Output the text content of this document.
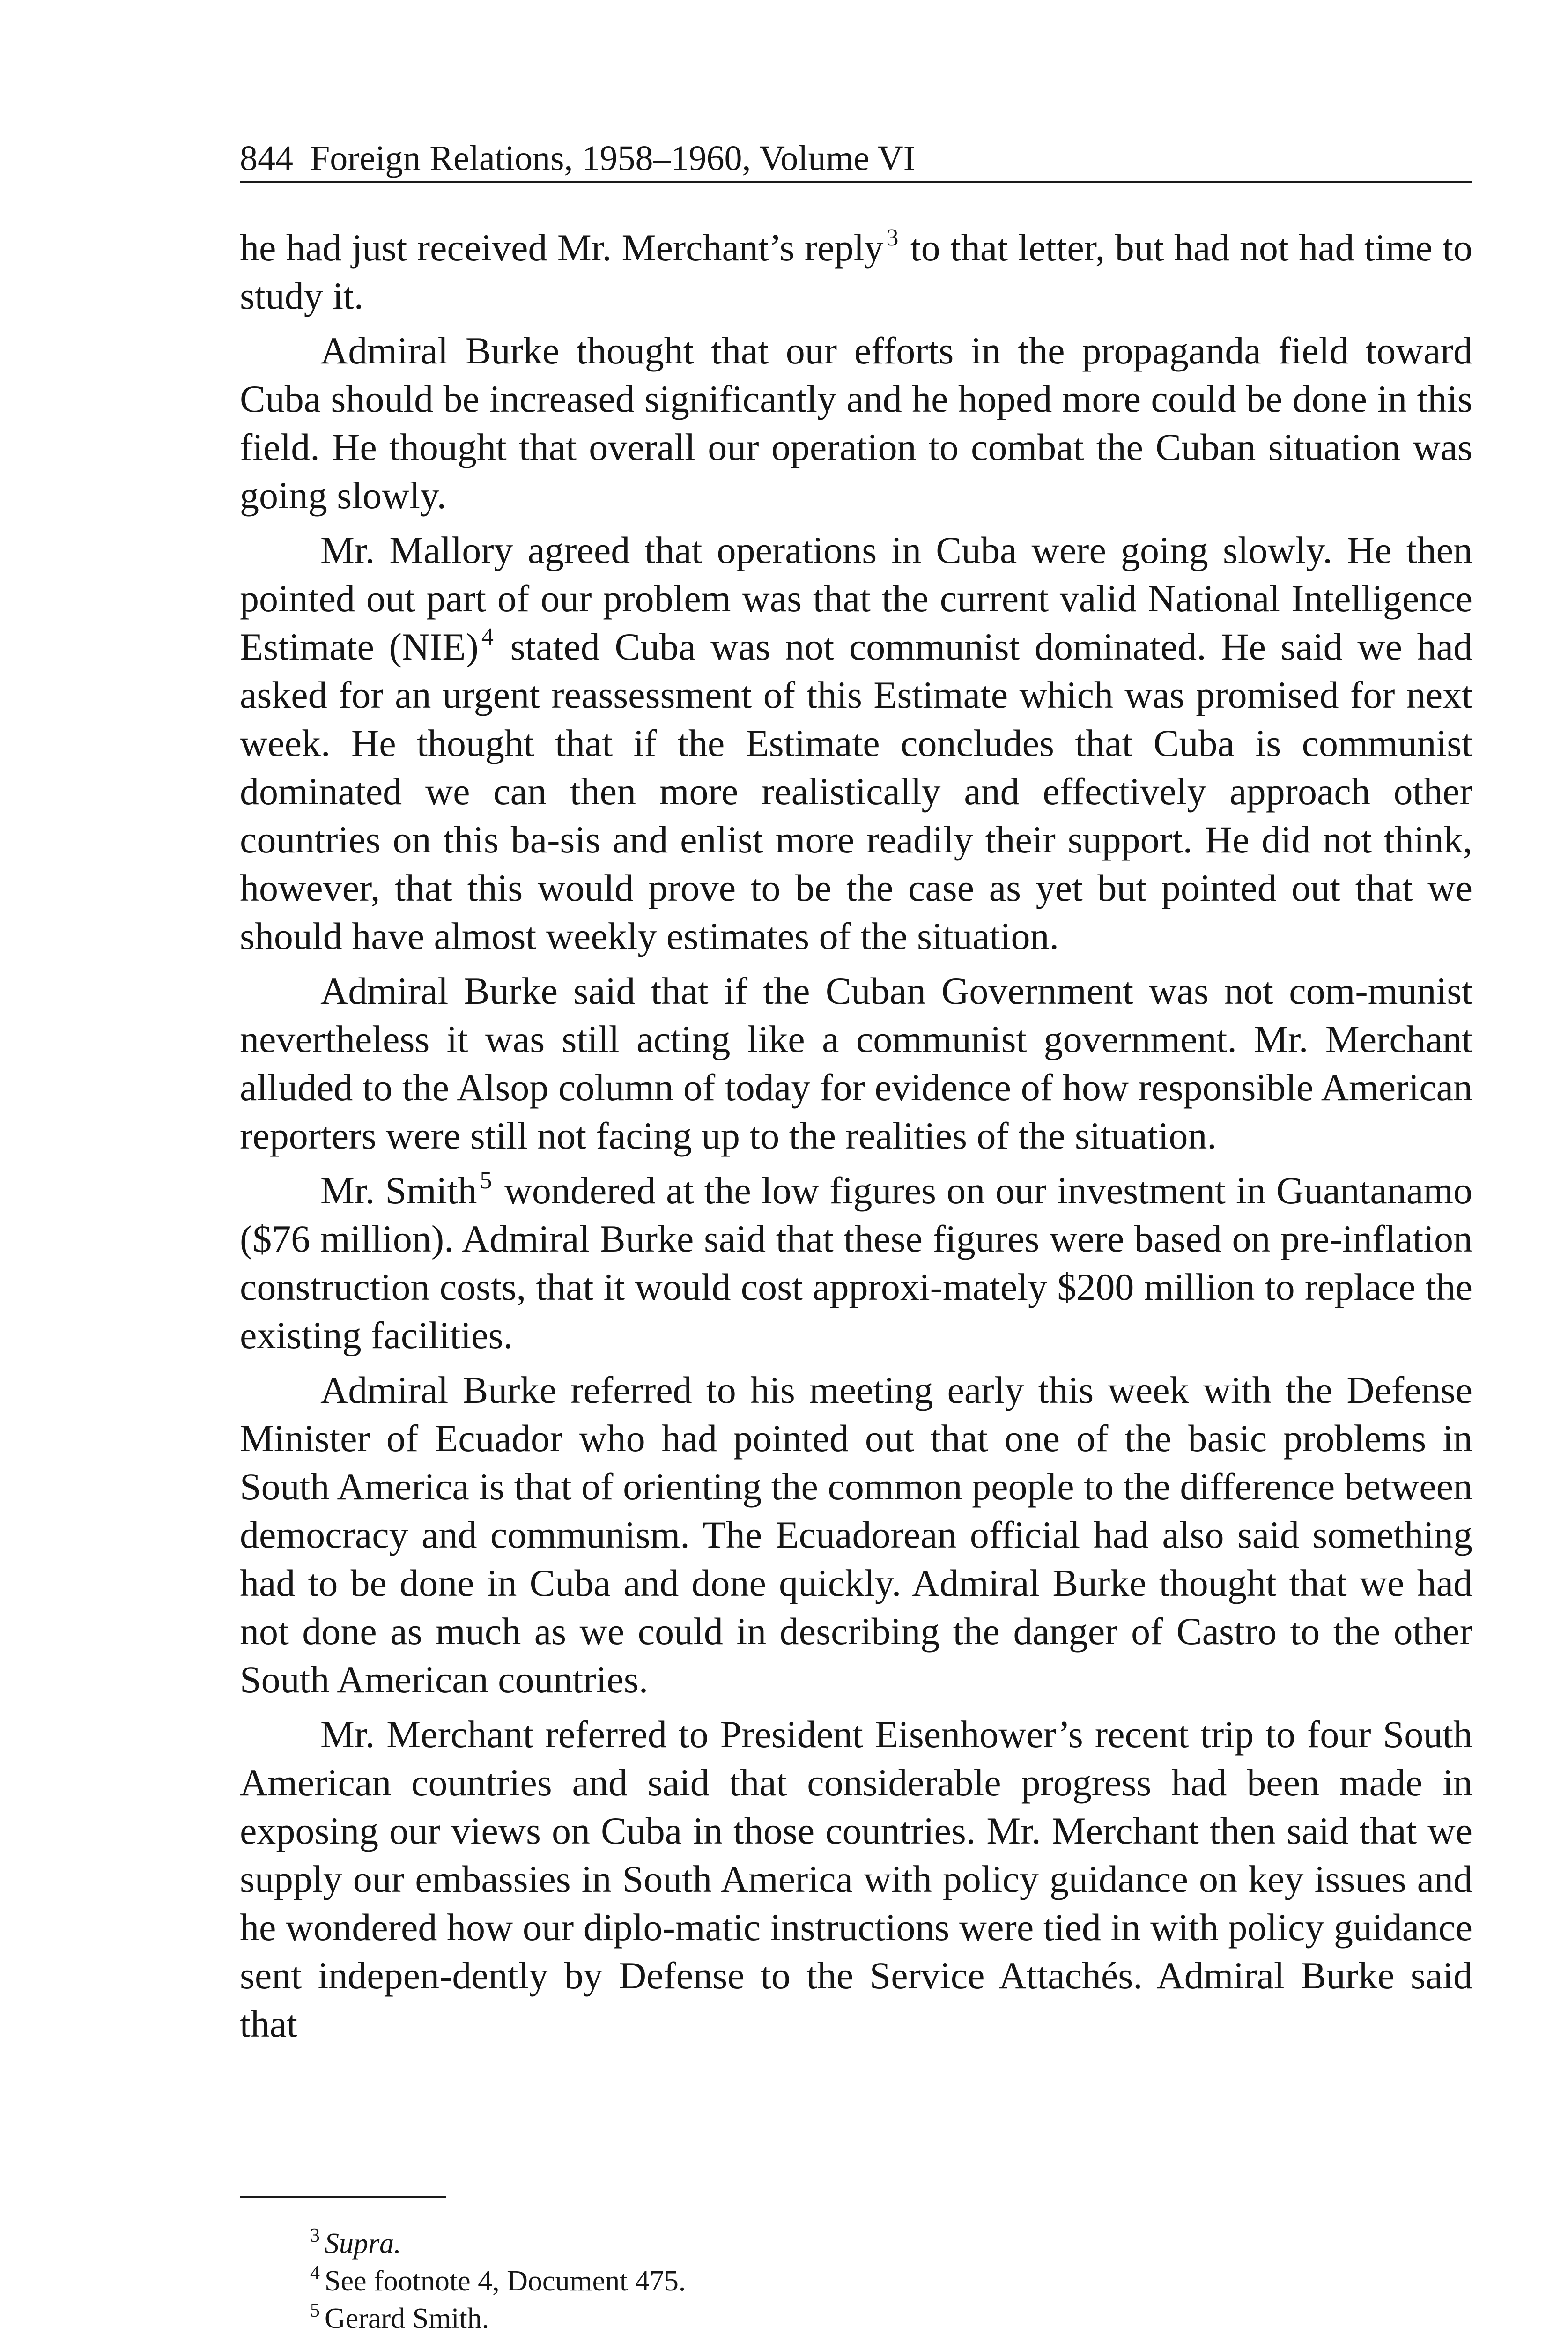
844 Foreign Relations, 1958–1960, Volume VI

he had just received Mr. Merchant’s reply $^3$ to that letter, but had not had time to study it.

Admiral Burke thought that our efforts in the propaganda field toward Cuba should be increased significantly and he hoped more could be done in this field. He thought that overall our operation to combat the Cuban situation was going slowly.

Mr. Mallory agreed that operations in Cuba were going slowly. He then pointed out part of our problem was that the current valid National Intelligence Estimate (NIE) $^4$ stated Cuba was not communist dominated. He said we had asked for an urgent reassessment of this Estimate which was promised for next week. He thought that if the Estimate concludes that Cuba is communist dominated we can then more realistically and effectively approach other countries on this ba-sis and enlist more readily their support. He did not think, however, that this would prove to be the case as yet but pointed out that we should have almost weekly estimates of the situation.

Admiral Burke said that if the Cuban Government was not com-munist nevertheless it was still acting like a communist government. Mr. Merchant alluded to the Alsop column of today for evidence of how responsible American reporters were still not facing up to the realities of the situation.

Mr. Smith $^5$ wondered at the low figures on our investment in Guantanamo ($76 million). Admiral Burke said that these figures were based on pre-inflation construction costs, that it would cost approxi-mately $200 million to replace the existing facilities.

Admiral Burke referred to his meeting early this week with the Defense Minister of Ecuador who had pointed out that one of the basic problems in South America is that of orienting the common people to the difference between democracy and communism. The Ecuadorean official had also said something had to be done in Cuba and done quickly. Admiral Burke thought that we had not done as much as we could in describing the danger of Castro to the other South American countries.

Mr. Merchant referred to President Eisenhower’s recent trip to four South American countries and said that considerable progress had been made in exposing our views on Cuba in those countries. Mr. Merchant then said that we supply our embassies in South America with policy guidance on key issues and he wondered how our diplo-matic instructions were tied in with policy guidance sent indepen-dently by Defense to the Service Attachés. Admiral Burke said that

$^3$ Supra.
$^4$ See footnote 4, Document 475.
$^5$ Gerard Smith.
